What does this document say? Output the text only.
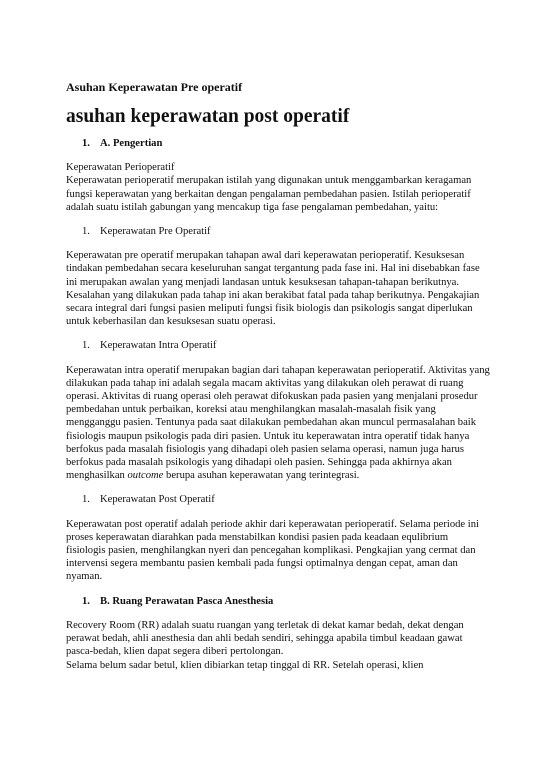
Asuhan Keperawatan Pre operatif
asuhan keperawatan post operatif
1. A. Pengertian
Keperawatan Perioperatif
Keperawatan perioperatif merupakan istilah yang digunakan untuk menggambarkan keragaman fungsi keperawatan yang berkaitan dengan pengalaman pembedahan pasien. Istilah perioperatif adalah suatu istilah gabungan yang mencakup tiga fase pengalaman pembedahan, yaitu:
1. Keperawatan Pre Operatif
Keperawatan pre operatif merupakan tahapan awal dari keperawatan perioperatif. Kesuksesan tindakan pembedahan secara keseluruhan sangat tergantung pada fase ini. Hal ini disebabkan fase ini merupakan awalan yang menjadi landasan untuk kesuksesan tahapan-tahapan berikutnya. Kesalahan yang dilakukan pada tahap ini akan berakibat fatal pada tahap berikutnya. Pengakajian secara integral dari fungsi pasien meliputi fungsi fisik biologis dan psikologis sangat diperlukan untuk keberhasilan dan kesuksesan suatu operasi.
1. Keperawatan Intra Operatif
Keperawatan intra operatif merupakan bagian dari tahapan keperawatan perioperatif. Aktivitas yang dilakukan pada tahap ini adalah segala macam aktivitas yang dilakukan oleh perawat di ruang operasi. Aktivitas di ruang operasi oleh perawat difokuskan pada pasien yang menjalani prosedur pembedahan untuk perbaikan, koreksi atau menghilangkan masalah-masalah fisik yang mengganggu pasien. Tentunya pada saat dilakukan pembedahan akan muncul permasalahan baik fisiologis maupun psikologis pada diri pasien. Untuk itu keperawatan intra operatif tidak hanya berfokus pada masalah fisiologis yang dihadapi oleh pasien selama operasi, namun juga harus berfokus pada masalah psikologis yang dihadapi oleh pasien. Sehingga pada akhirnya akan menghasilkan outcome berupa asuhan keperawatan yang terintegrasi.
1. Keperawatan Post Operatif
Keperawatan post operatif adalah periode akhir dari keperawatan perioperatif. Selama periode ini proses keperawatan diarahkan pada menstabilkan kondisi pasien pada keadaan equlibrium fisiologis pasien, menghilangkan nyeri dan pencegahan komplikasi. Pengkajian yang cermat dan intervensi segera membantu pasien kembali pada fungsi optimalnya dengan cepat, aman dan nyaman.
1. B. Ruang Perawatan Pasca Anesthesia
Recovery Room (RR) adalah suatu ruangan yang terletak di dekat kamar bedah, dekat dengan perawat bedah, ahli anesthesia dan ahli bedah sendiri, sehingga apabila timbul keadaan gawat pasca-bedah, klien dapat segera diberi pertolongan.
Selama belum sadar betul, klien dibiarkan tetap tinggal di RR. Setelah operasi, klien
